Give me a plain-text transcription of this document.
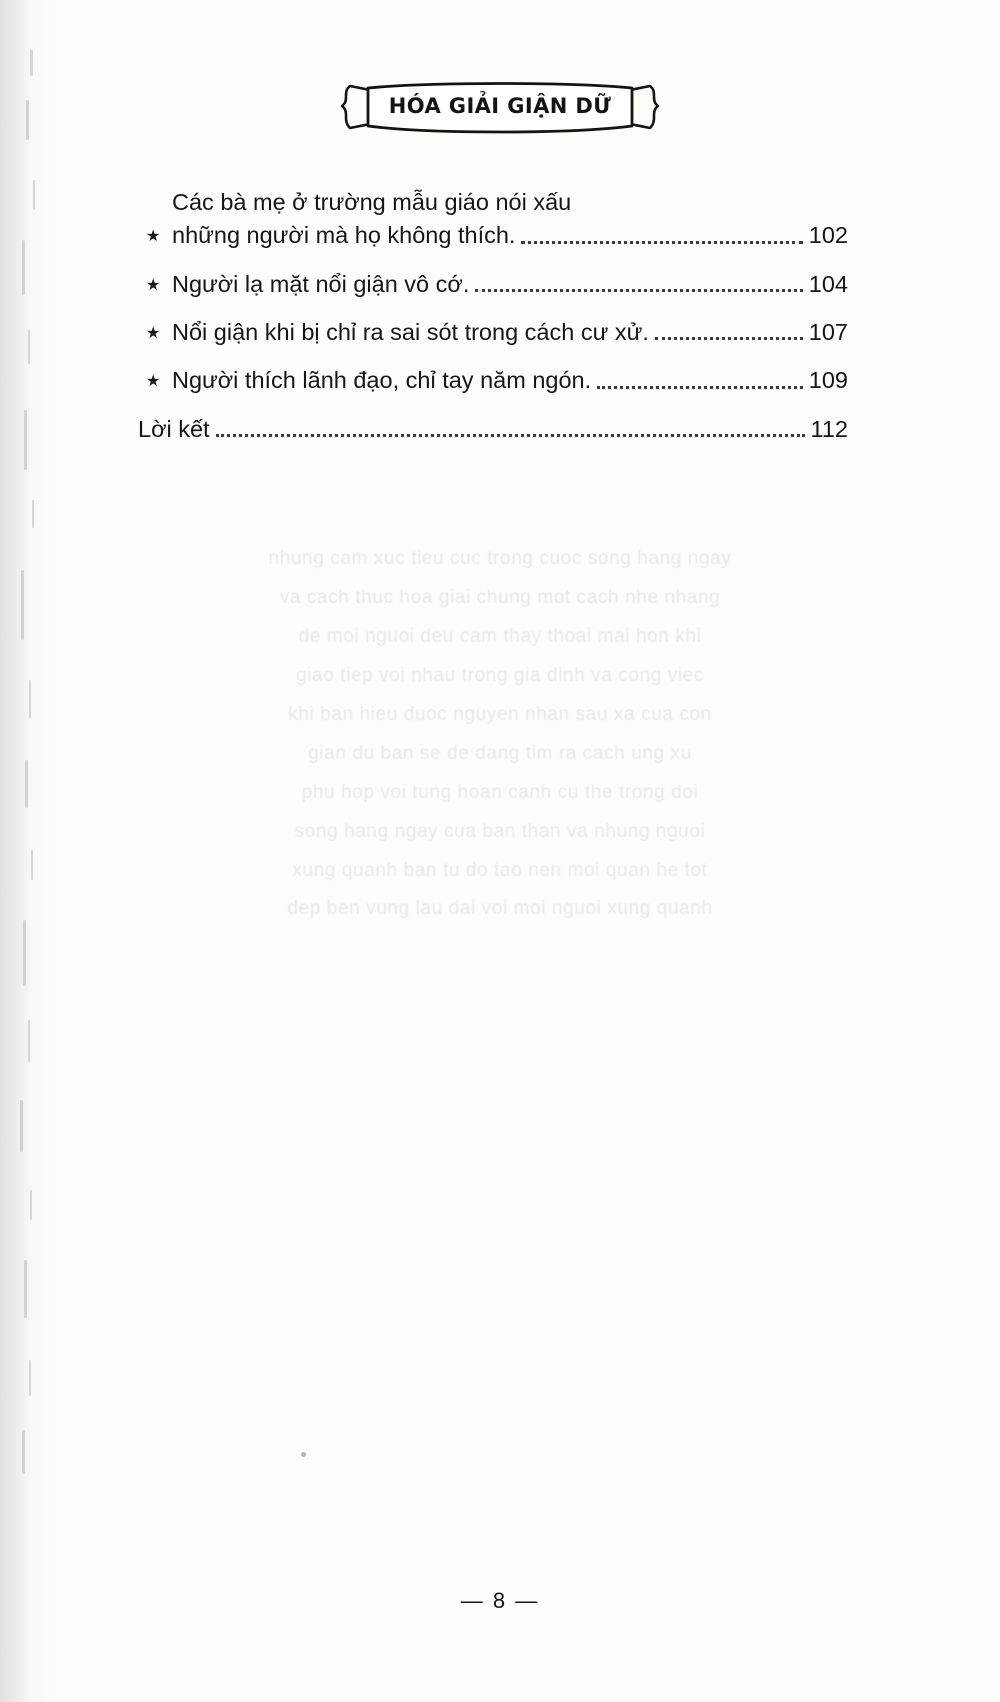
HÓA GIẢI GIẬN DỮ
★
Các bà mẹ ở trường mẫu giáo nói xấu
những người mà họ không thích.	102
★ Người lạ mặt nổi giận vô cớ.	104
★ Nổi giận khi bị chỉ ra sai sót trong cách cư xử.	107
★ Người thích lãnh đạo, chỉ tay năm ngón.	109
Lời kết	112
nhung cam xuc tieu cuc trong cuoc song hang ngay
va cach thuc hoa giai chung mot cach nhe nhang
de moi nguoi deu cam thay thoai mai hon khi
giao tiep voi nhau trong gia dinh va cong viec
khi ban hieu duoc nguyen nhan sau xa cua con
gian du ban se de dang tim ra cach ung xu
phu hop voi tung hoan canh cu the trong doi
song hang ngay cua ban than va nhung nguoi
xung quanh ban tu do tao nen moi quan he tot
dep ben vung lau dai voi moi nguoi xung quanh
— 8 —
